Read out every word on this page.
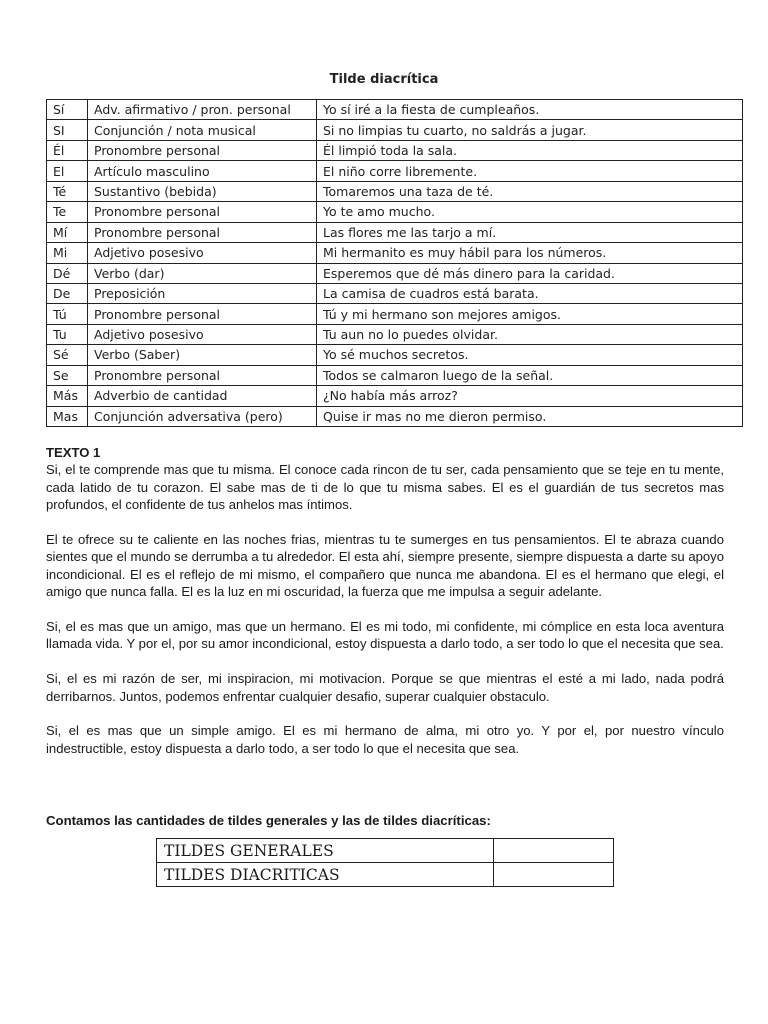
Tilde diacrítica
Sí	Adv. afirmativo / pron. personal	Yo sí iré a la fiesta de cumpleaños.
SI	Conjunción / nota musical	Si no limpias tu cuarto, no saldrás a jugar.
Él	Pronombre personal	Él limpió toda la sala.
El	Artículo masculino	El niño corre libremente.
Té	Sustantivo (bebida)	Tomaremos una taza de té.
Te	Pronombre personal	Yo te amo mucho.
Mí	Pronombre personal	Las flores me las tarjo a mí.
Mi	Adjetivo posesivo	Mi hermanito es muy hábil para los números.
Dé	Verbo (dar)	Esperemos que dé más dinero para la caridad.
De	Preposición	La camisa de cuadros está barata.
Tú	Pronombre personal	Tú y mi hermano son mejores amigos.
Tu	Adjetivo posesivo	Tu aun no lo puedes olvidar.
Sé	Verbo (Saber)	Yo sé muchos secretos.
Se	Pronombre personal	Todos se calmaron luego de la señal.
Más	Adverbio de cantidad	¿No había más arroz?
Mas	Conjunción adversativa (pero)	Quise ir mas no me dieron permiso.
TEXTO 1

Si, el te comprende mas que tu misma. El conoce cada rincon de tu ser, cada pensamiento que se teje en tu mente, cada latido de tu corazon. El sabe mas de ti de lo que tu misma sabes. El es el guardián de tus secretos mas profundos, el confidente de tus anhelos mas íntimos.

El te ofrece su te caliente en las noches frias, mientras tu te sumerges en tus pensamientos. El te abraza cuando sientes que el mundo se derrumba a tu alrededor. El esta ahí, siempre presente, siempre dispuesta a darte su apoyo incondicional. El es el reflejo de mi mismo, el compañero que nunca me abandona. El es el hermano que elegi, el amigo que nunca falla. El es la luz en mi oscuridad, la fuerza que me impulsa a seguir adelante.

Si, el es mas que un amigo, mas que un hermano. El es mi todo, mi confidente, mi cómplice en esta loca aventura llamada vida. Y por el, por su amor incondicional, estoy dispuesta a darlo todo, a ser todo lo que el necesita que sea.

Si, el es mi razón de ser, mi inspiracion, mi motivacion. Porque se que mientras el esté a mi lado, nada podrá derribarnos. Juntos, podemos enfrentar cualquier desafio, superar cualquier obstaculo.

Si, el es mas que un simple amigo. El es mi hermano de alma, mi otro yo. Y por el, por nuestro vínculo indestructible, estoy dispuesta a darlo todo, a ser todo lo que el necesita que sea.

Contamos las cantidades de tildes generales y las de tildes diacríticas:
TILDES GENERALES	
TILDES DIACRITICAS	
